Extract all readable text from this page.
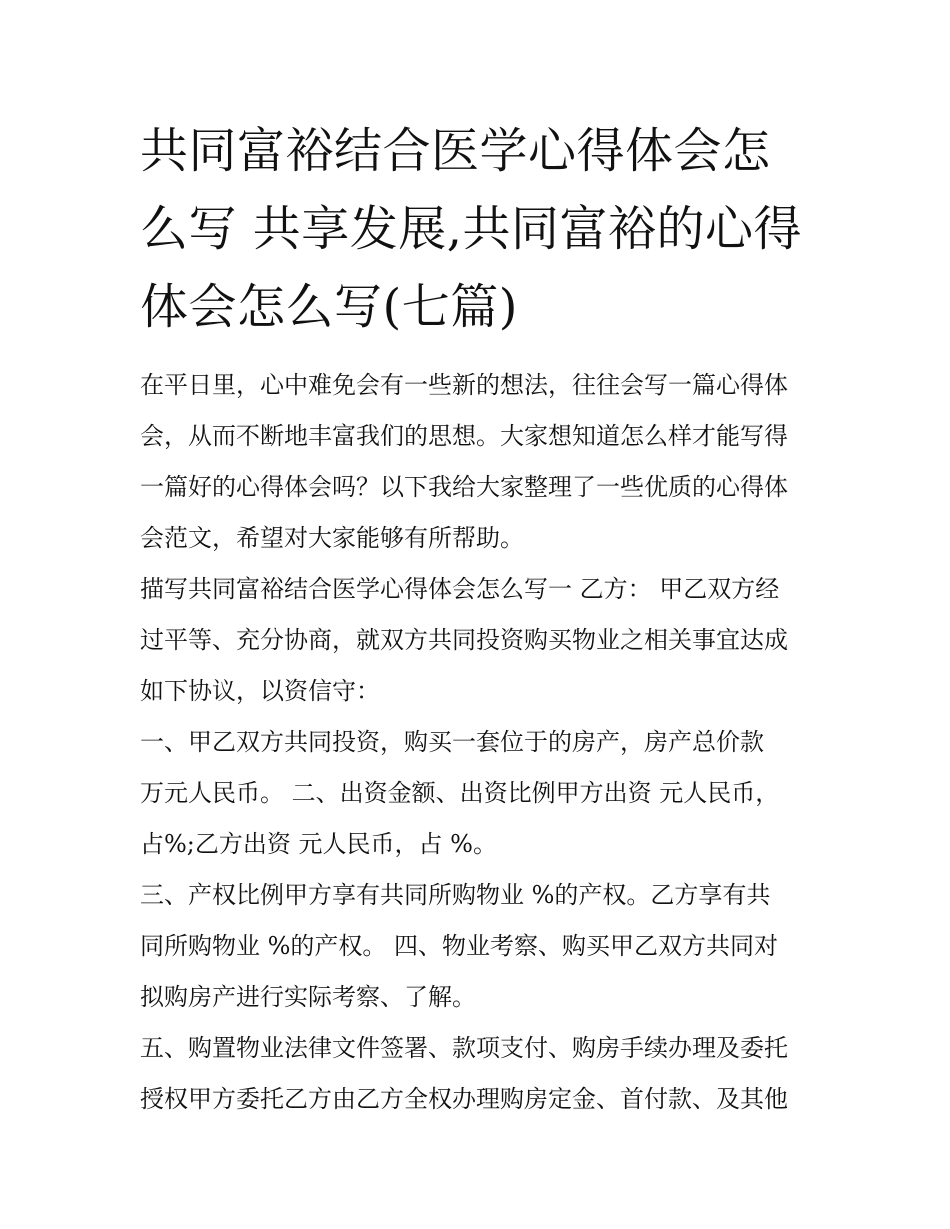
共同富裕结合医学心得体会怎
么写 共享发展,共同富裕的心得
体会怎么写(七篇)

在平日里，心中难免会有一些新的想法，往往会写一篇心得体
会，从而不断地丰富我们的思想。大家想知道怎么样才能写得
一篇好的心得体会吗？以下我给大家整理了一些优质的心得体
会范文，希望对大家能够有所帮助。

描写共同富裕结合医学心得体会怎么写一 乙方： 甲乙双方经
过平等、充分协商，就双方共同投资购买物业之相关事宜达成
如下协议，以资信守：

一、甲乙双方共同投资，购买一套位于的房产，房产总价款
万元人民币。 二、出资金额、出资比例甲方出资 元人民币，
占%;乙方出资 元人民币，占 %。

三、产权比例甲方享有共同所购物业 %的产权。乙方享有共
同所购物业 %的产权。 四、物业考察、购买甲乙双方共同对
拟购房产进行实际考察、了解。

五、购置物业法律文件签署、款项支付、购房手续办理及委托
授权甲方委托乙方由乙方全权办理购房定金、首付款、及其他
